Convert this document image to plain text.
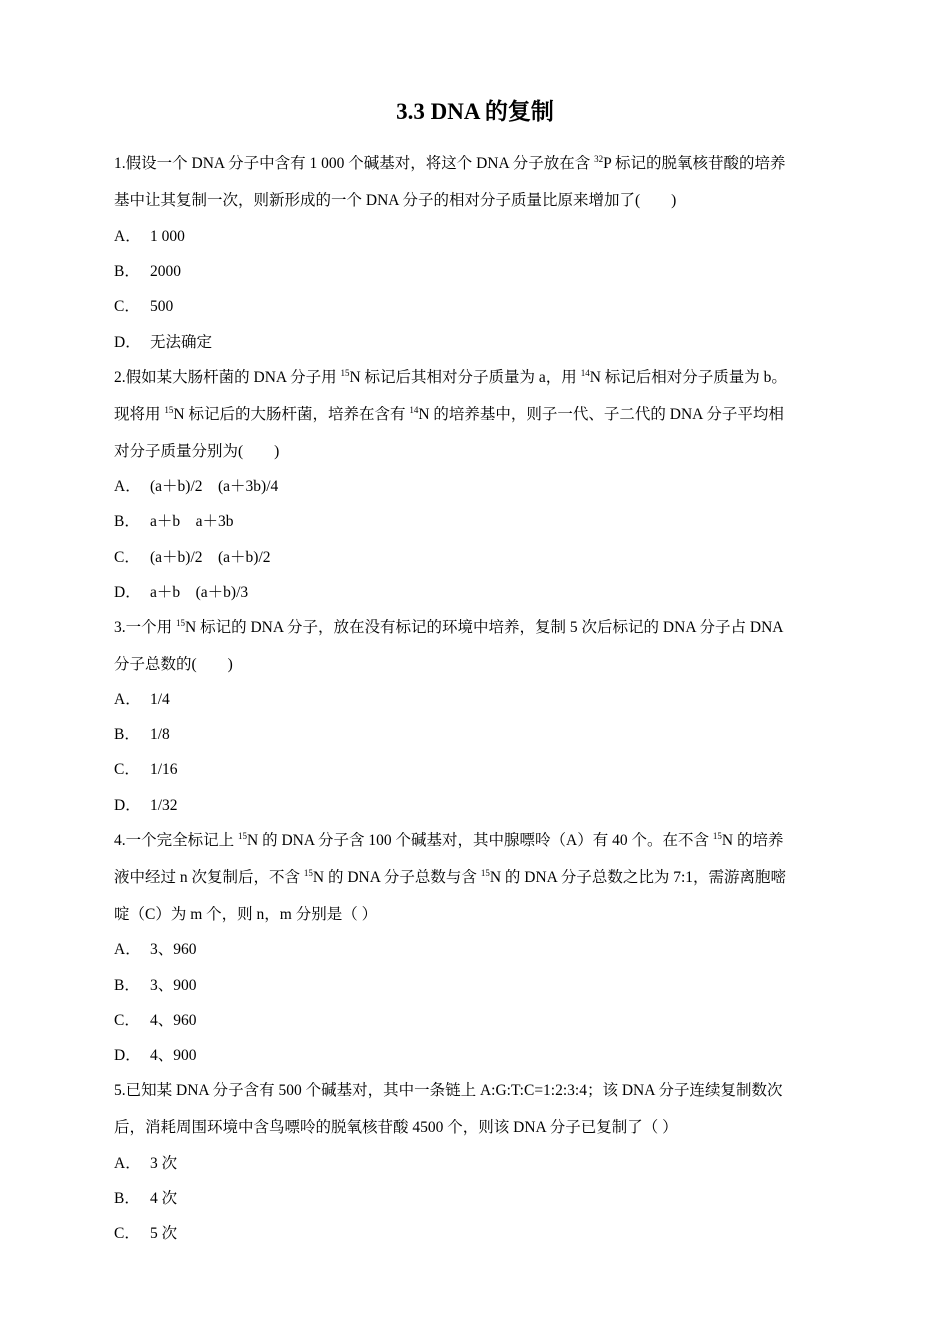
3.3 DNA 的复制
1.假设一个 DNA 分子中含有 1 000 个碱基对，将这个 DNA 分子放在含 $^{32}$P 标记的脱氧核苷酸的培养
基中让其复制一次，则新形成的一个 DNA 分子的相对分子质量比原来增加了(　　)
A． 1 000
B． 2000
C． 500
D． 无法确定
2.假如某大肠杆菌的 DNA 分子用 $^{15}$N 标记后其相对分子质量为 a，用 $^{14}$N 标记后相对分子质量为 b。
现将用 $^{15}$N 标记后的大肠杆菌，培养在含有 $^{14}$N 的培养基中，则子一代、子二代的 DNA 分子平均相
对分子质量分别为(　　)
A． (a＋b)/2　(a＋3b)/4
B． a＋b　a＋3b
C． (a＋b)/2　(a＋b)/2
D． a＋b　(a＋b)/3
3.一个用 $^{15}$N 标记的 DNA 分子，放在没有标记的环境中培养，复制 5 次后标记的 DNA 分子占 DNA
分子总数的(　　)
A． 1/4
B． 1/8
C． 1/16
D． 1/32
4.一个完全标记上 $^{15}$N 的 DNA 分子含 100 个碱基对，其中腺嘌呤（A）有 40 个。在不含 $^{15}$N 的培养
液中经过 n 次复制后，不含 $^{15}$N 的 DNA 分子总数与含 $^{15}$N 的 DNA 分子总数之比为 7:1，需游离胞嘧
啶（C）为 m 个，则 n，m 分别是（ ）
A． 3、960
B． 3、900
C． 4、960
D． 4、900
5.已知某 DNA 分子含有 500 个碱基对，其中一条链上 A:G:T:C=1:2:3:4；该 DNA 分子连续复制数次
后，消耗周围环境中含鸟嘌呤的脱氧核苷酸 4500 个，则该 DNA 分子已复制了（ ）
A． 3 次
B． 4 次
C． 5 次
